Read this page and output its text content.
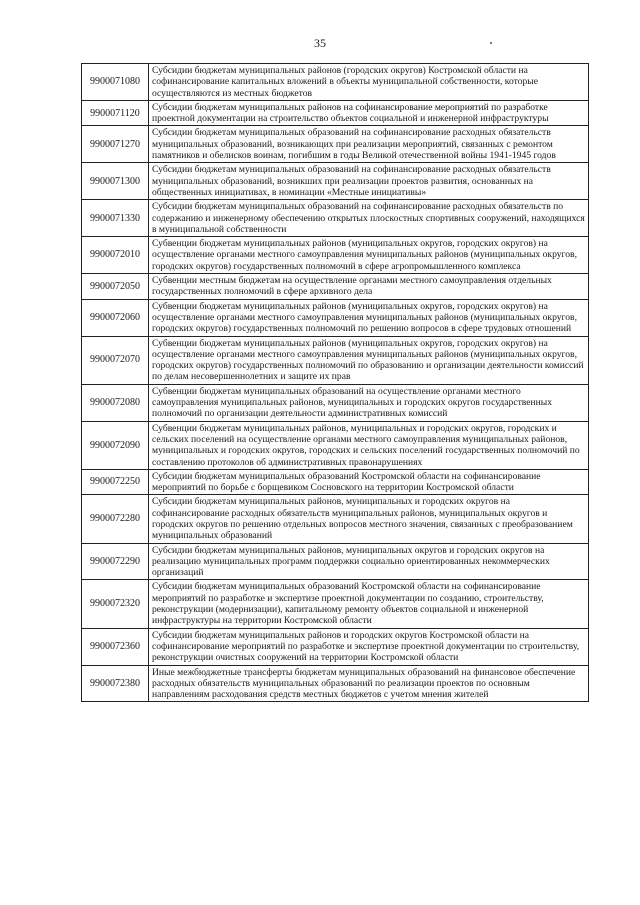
35
9900071080	Субсидии бюджетам муниципальных районов (городских округов) Костромской области на софинансирование капитальных вложений в объекты муниципальной собственности, которые осуществляются из местных бюджетов
9900071120	Субсидии бюджетам муниципальных районов на софинансирование мероприятий по разработке проектной документации на строительство объектов социальной и инженерной инфраструктуры
9900071270	Субсидии бюджетам муниципальных образований на софинансирование расходных обязательств муниципальных образований, возникающих при реализации мероприятий, связанных с ремонтом памятников и обелисков воинам, погибшим в годы Великой отечественной войны 1941-1945 годов
9900071300	Субсидии бюджетам муниципальных образований на софинансирование расходных обязательств муниципальных образований, возникших при реализации проектов развития, основанных на общественных инициативах, в номинации «Местные инициативы»
9900071330	Субсидии бюджетам муниципальных образований на софинансирование расходных обязательств по содержанию и инженерному обеспечению открытых плоскостных спортивных сооружений, находящихся в муниципальной собственности
9900072010	Субвенции бюджетам муниципальных районов (муниципальных округов, городских округов) на осуществление органами местного самоуправления муниципальных районов (муниципальных округов, городских округов) государственных полномочий в сфере агропромышленного комплекса
9900072050	Субвенции местным бюджетам на осуществление органами местного самоуправления отдельных государственных полномочий в сфере архивного дела
9900072060	Субвенции бюджетам муниципальных районов (муниципальных округов, городских округов) на осуществление органами местного самоуправления муниципальных районов (муниципальных округов, городских округов) государственных полномочий по решению вопросов в сфере трудовых отношений
9900072070	Субвенции бюджетам муниципальных районов (муниципальных округов, городских округов) на осуществление органами местного самоуправления муниципальных районов (муниципальных округов, городских округов) государственных полномочий по образованию и организации деятельности комиссий по делам несовершеннолетних и защите их прав
9900072080	Субвенции бюджетам муниципальных образований на осуществление органами местного самоуправления муниципальных районов, муниципальных и городских округов государственных полномочий по организации деятельности административных комиссий
9900072090	Субвенции бюджетам муниципальных районов, муниципальных и городских округов, городских и сельских поселений на осуществление органами местного самоуправления муниципальных районов, муниципальных и городских округов, городских и сельских поселений государственных полномочий по составлению протоколов об административных правонарушениях
9900072250	Субсидии бюджетам муниципальных образований Костромской области на софинансирование мероприятий по борьбе с борщевиком Сосновского на территории Костромской области
9900072280	Субсидии бюджетам муниципальных районов, муниципальных и городских округов на софинансирование расходных обязательств муниципальных районов, муниципальных округов и городских округов по решению отдельных вопросов местного значения, связанных с преобразованием муниципальных образований
9900072290	Субсидии бюджетам муниципальных районов, муниципальных округов и городских округов на реализацию муниципальных программ поддержки социально ориентированных некоммерческих организаций
9900072320	Субсидии бюджетам муниципальных образований Костромской области на софинансирование мероприятий по разработке и экспертизе проектной документации по созданию, строительству, реконструкции (модернизации), капитальному ремонту объектов социальной и инженерной инфраструктуры на территории Костромской области
9900072360	Субсидии бюджетам муниципальных районов и городских округов Костромской области на софинансирование мероприятий по разработке и экспертизе проектной документации по строительству, реконструкции очистных сооружений на территории Костромской области
9900072380	Иные межбюджетные трансферты бюджетам муниципальных образований на финансовое обеспечение расходных обязательств муниципальных образований по реализации проектов по основным направлениям расходования средств местных бюджетов с учетом мнения жителей
